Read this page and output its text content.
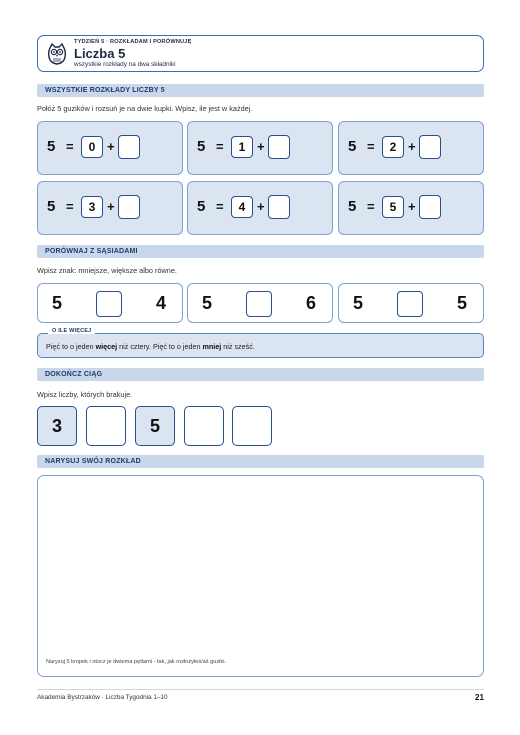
TYDZIEŃ 5 · ROZKŁADAM I PORÓWNUJĘ
Liczba 5
wszystkie rozkłady na dwa składniki
WSZYSTKIE ROZKŁADY LICZBY 5
Połóż 5 guzików i rozsuń je na dwie kupki. Wpisz, ile jest w każdej.
5 =	0 +	5 =	1 +	5 =	2 +
5 =	3 +	5 =	4 +	5 =	5 +
PORÓWNAJ Z SĄSIADAMI
Wpisz znak: mniejsze, większe albo równe.
5	4 5	6 5	5
Pięć to o jeden więcej niż cztery. Pięć to o jeden mniej niż sześć.
O ILE WIĘCEJ
DOKOŃCZ CIĄG
Wpisz liczby, których brakuje.
3	5
NARYSUJ SWÓJ ROZKŁAD
Narysuj 5 kropek i otocz je dwiema pętlami - tak, jak rozłożyłeś/aś guziki.
Akademia Bystrzaków · Liczba Tygodnia 1–10	21
